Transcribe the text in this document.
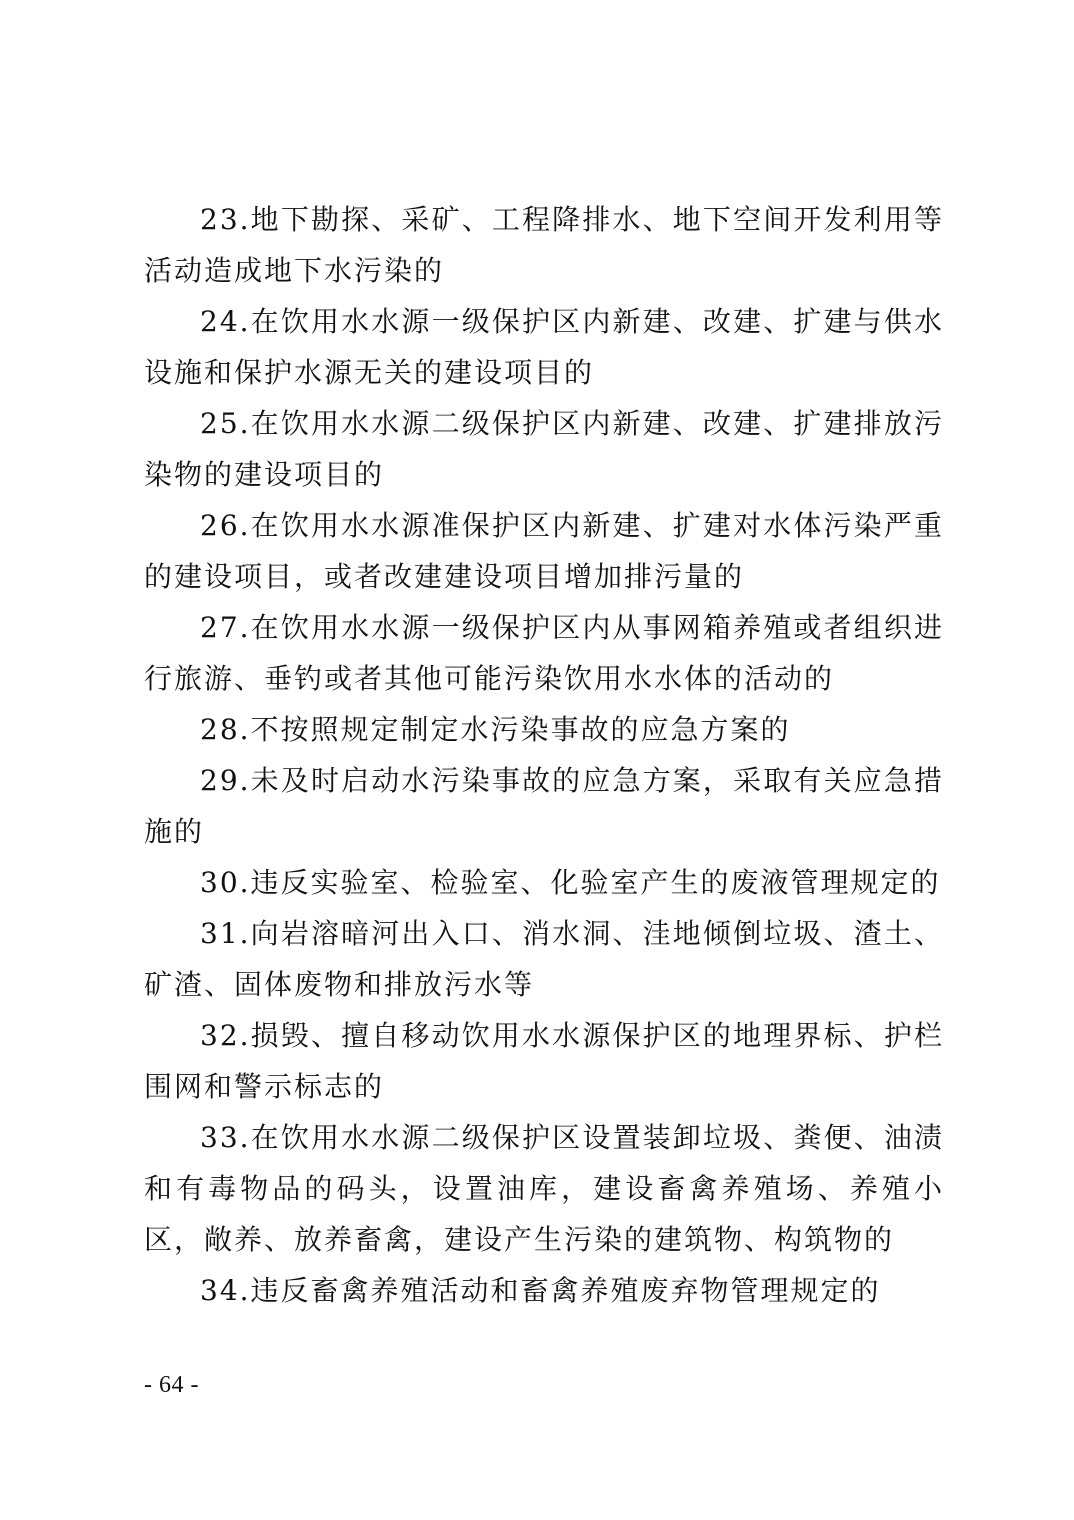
23.地下勘探、采矿、工程降排水、地下空间开发利用等活动造成地下水污染的

24.在饮用水水源一级保护区内新建、改建、扩建与供水设施和保护水源无关的建设项目的

25.在饮用水水源二级保护区内新建、改建、扩建排放污染物的建设项目的

26.在饮用水水源准保护区内新建、扩建对水体污染严重的建设项目，或者改建建设项目增加排污量的

27.在饮用水水源一级保护区内从事网箱养殖或者组织进行旅游、垂钓或者其他可能污染饮用水水体的活动的

28.不按照规定制定水污染事故的应急方案的

29.未及时启动水污染事故的应急方案，采取有关应急措施的

30.违反实验室、检验室、化验室产生的废液管理规定的

31.向岩溶暗河出入口、消水洞、洼地倾倒垃圾、渣土、矿渣、固体废物和排放污水等

32.损毁、擅自移动饮用水水源保护区的地理界标、护栏围网和警示标志的

33.在饮用水水源二级保护区设置装卸垃圾、粪便、油渍和有毒物品的码头，设置油库，建设畜禽养殖场、养殖小区，敞养、放养畜禽，建设产生污染的建筑物、构筑物的

34.违反畜禽养殖活动和畜禽养殖废弃物管理规定的

- 64 -
